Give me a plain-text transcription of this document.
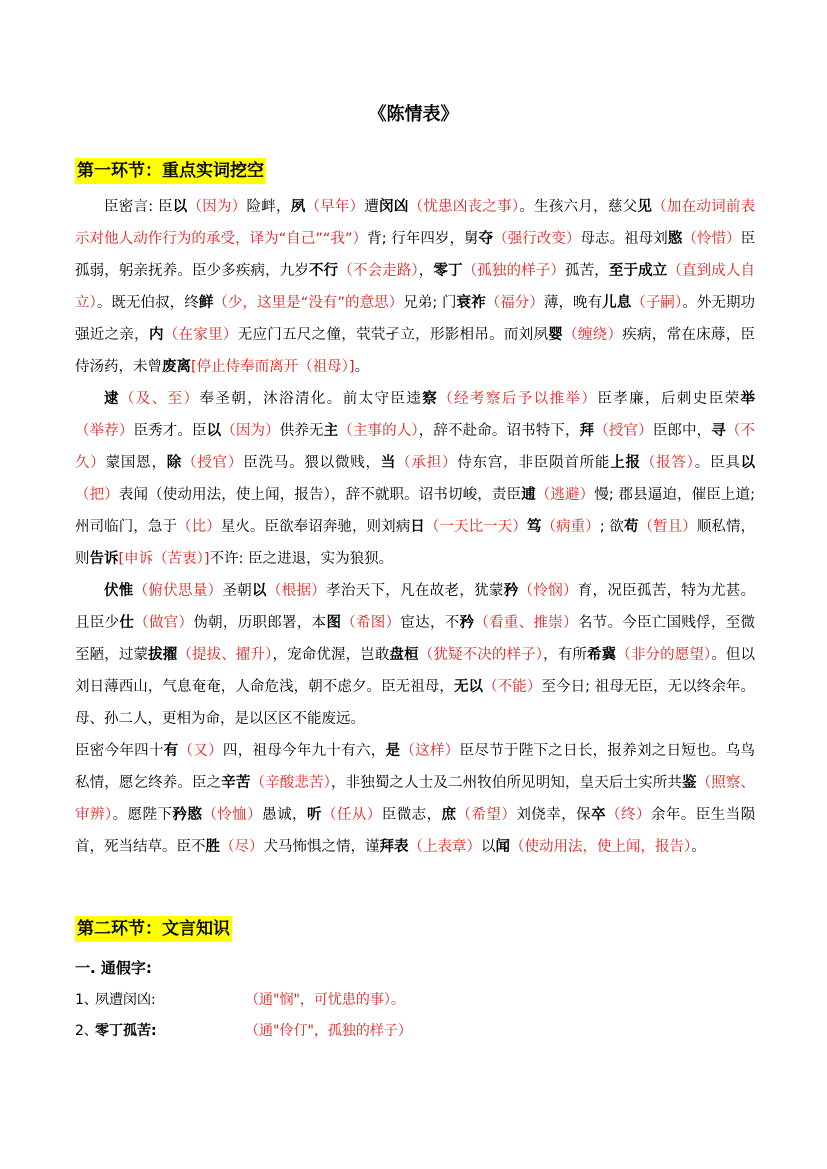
《陈情表》
第一环节：重点实词挖空
臣密言: 臣以（因为）险衅，夙（早年）遭闵凶（忧患凶丧之事）。生孩六月，慈父见（加在动词前表示对他人动作行为的承受，译为“自己”“我”）背; 行年四岁，舅夺（强行改变）母志。祖母刘愍（怜惜）臣孤弱，躬亲抚养。臣少多疾病，九岁不行（不会走路），零丁（孤独的样子）孤苦，至于成立（直到成人自立）。既无伯叔，终鲜（少，这里是“没有”的意思）兄弟; 门衰祚（福分）薄，晚有儿息（子嗣）。外无期功强近之亲，内（在家里）无应门五尺之僮，茕茕孑立，形影相吊。而刘夙婴（缠绕）疾病，常在床蓐，臣侍汤药，未曾废离[停止侍奉而离开（祖母）]。
逮（及、至）奉圣朝，沐浴清化。前太守臣逵察（经考察后予以推举）臣孝廉，后刺史臣荣举（举荐）臣秀才。臣以（因为）供养无主（主事的人），辞不赴命。诏书特下，拜（授官）臣郎中，寻（不久）蒙国恩，除（授官）臣洗马。猥以微贱，当（承担）侍东宫，非臣陨首所能上报（报答）。臣具以（把）表闻（使动用法，使上闻，报告），辞不就职。诏书切峻，责臣逋（逃避）慢; 郡县逼迫，催臣上道; 州司临门，急于（比）星火。臣欲奉诏奔驰，则刘病日（一天比一天）笃（病重）; 欲苟（暂且）顺私情，则告诉[申诉（苦衷）]不许: 臣之进退，实为狼狈。
伏惟（俯伏思量）圣朝以（根据）孝治天下，凡在故老，犹蒙矜（怜悯）育，况臣孤苦，特为尤甚。且臣少仕（做官）伪朝，历职郎署，本图（希图）宦达，不矜（看重、推崇）名节。今臣亡国贱俘，至微至陋，过蒙拔擢（提拔、擢升），宠命优渥，岂敢盘桓（犹疑不决的样子），有所希冀（非分的愿望）。但以刘日薄西山，气息奄奄，人命危浅，朝不虑夕。臣无祖母，无以（不能）至今日; 祖母无臣，无以终余年。母、孙二人，更相为命，是以区区不能废远。
臣密今年四十有（又）四，祖母今年九十有六，是（这样）臣尽节于陛下之日长，报养刘之日短也。乌鸟私情，愿乞终养。臣之辛苦（辛酸悲苦），非独蜀之人士及二州牧伯所见明知，皇天后土实所共鉴（照察、审辨）。愿陛下矜愍（怜恤）愚诚，听（任从）臣微志，庶（希望）刘侥幸，保卒（终）余年。臣生当陨首，死当结草。臣不胜（尽）犬马怖惧之情，谨拜表（上表章）以闻（使动用法，使上闻，报告）。
第二环节：文言知识
一. 通假字:
1、夙遭闵凶:	（通"悯"，可忧患的事）。
2、零丁孤苦:	（通"伶仃"，孤独的样子）
